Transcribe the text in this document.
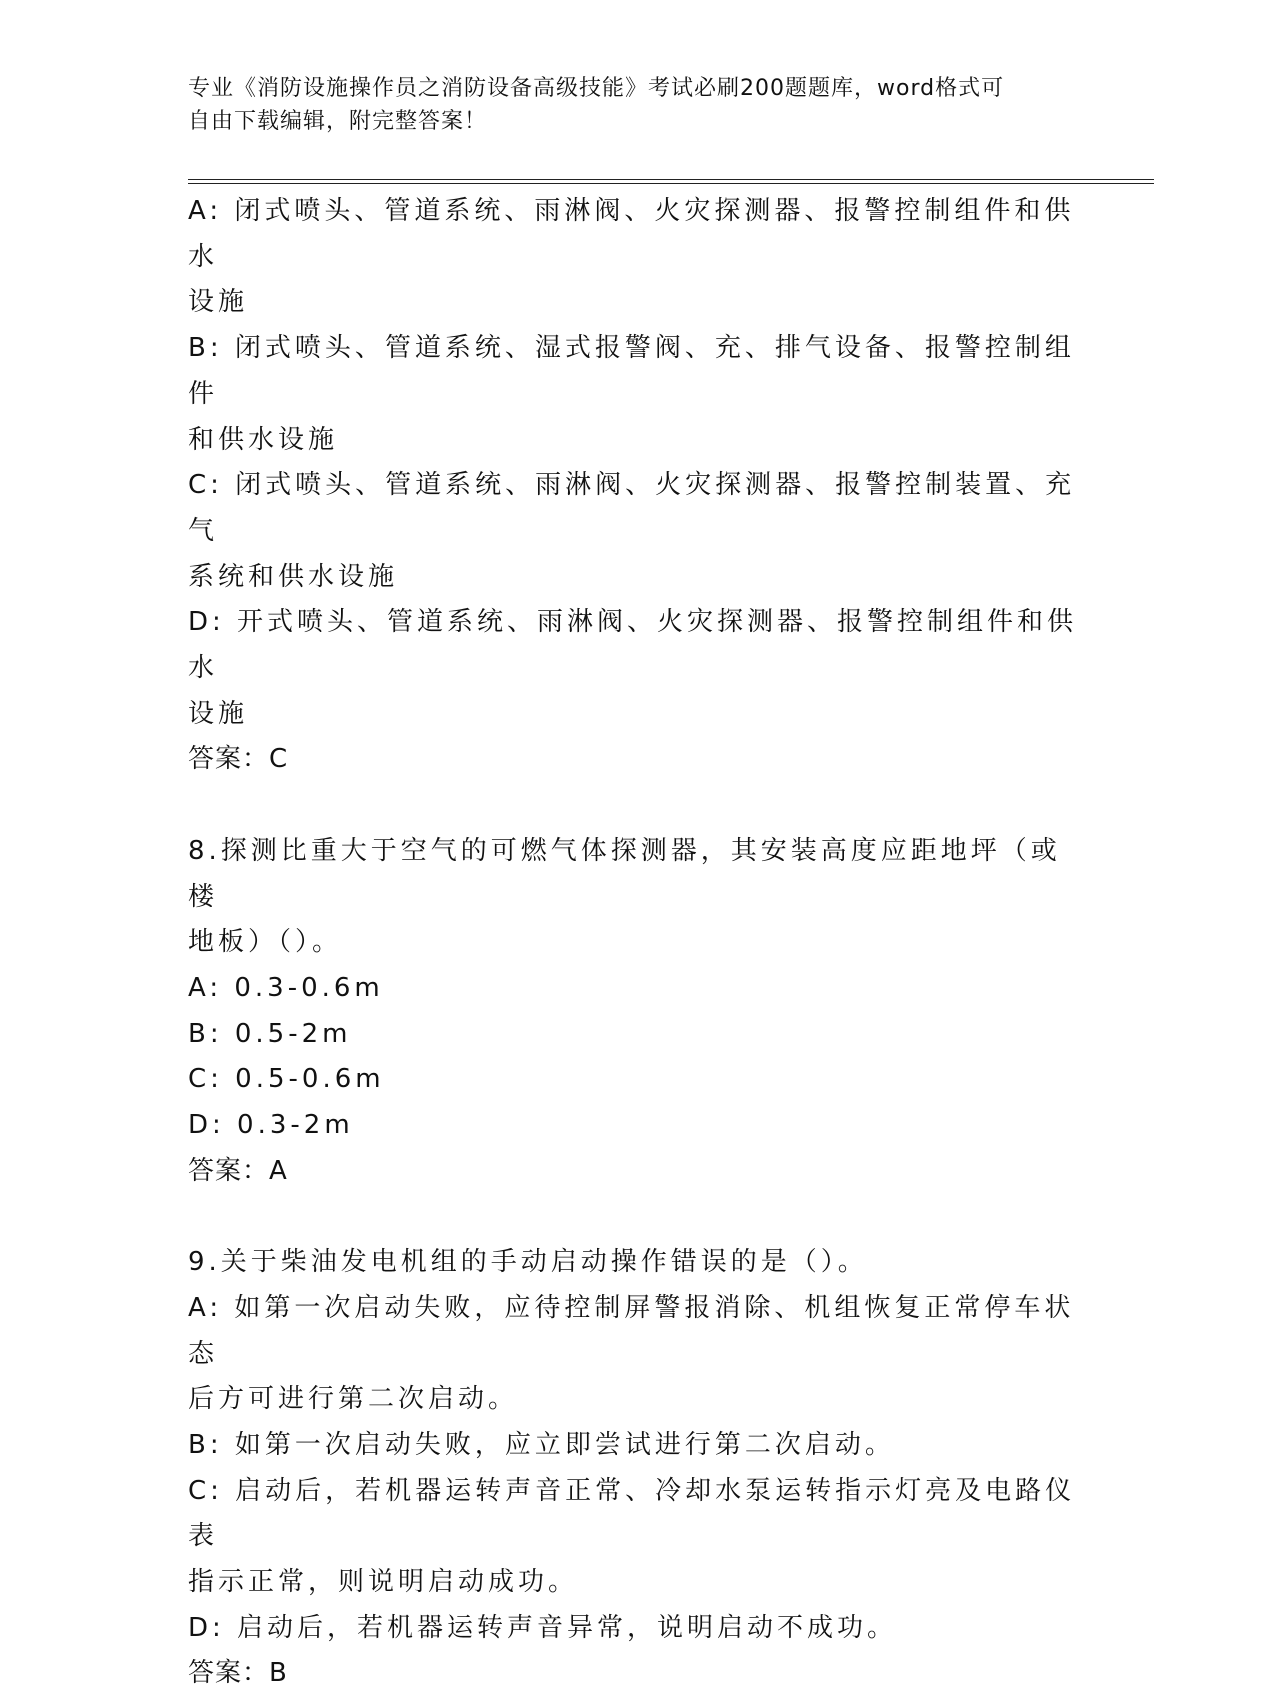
专业《消防设施操作员之消防设备高级技能》考试必刷200题题库，word格式可
自由下载编辑，附完整答案！
A: 闭式喷头、管道系统、雨淋阀、火灾探测器、报警控制组件和供水
设施
B: 闭式喷头、管道系统、湿式报警阀、充、排气设备、报警控制组件
和供水设施
C: 闭式喷头、管道系统、雨淋阀、火灾探测器、报警控制装置、充气
系统和供水设施
D: 开式喷头、管道系统、雨淋阀、火灾探测器、报警控制组件和供水
设施
答案：C
8.探测比重大于空气的可燃气体探测器，其安装高度应距地坪（或楼
地板）（）。
A: 0.3-0.6m
B: 0.5-2m
C: 0.5-0.6m
D: 0.3-2m
答案：A
9.关于柴油发电机组的手动启动操作错误的是（）。
A: 如第一次启动失败，应待控制屏警报消除、机组恢复正常停车状态
后方可进行第二次启动。
B: 如第一次启动失败，应立即尝试进行第二次启动。
C: 启动后，若机器运转声音正常、冷却水泵运转指示灯亮及电路仪表
指示正常，则说明启动成功。
D: 启动后，若机器运转声音异常，说明启动不成功。
答案：B
